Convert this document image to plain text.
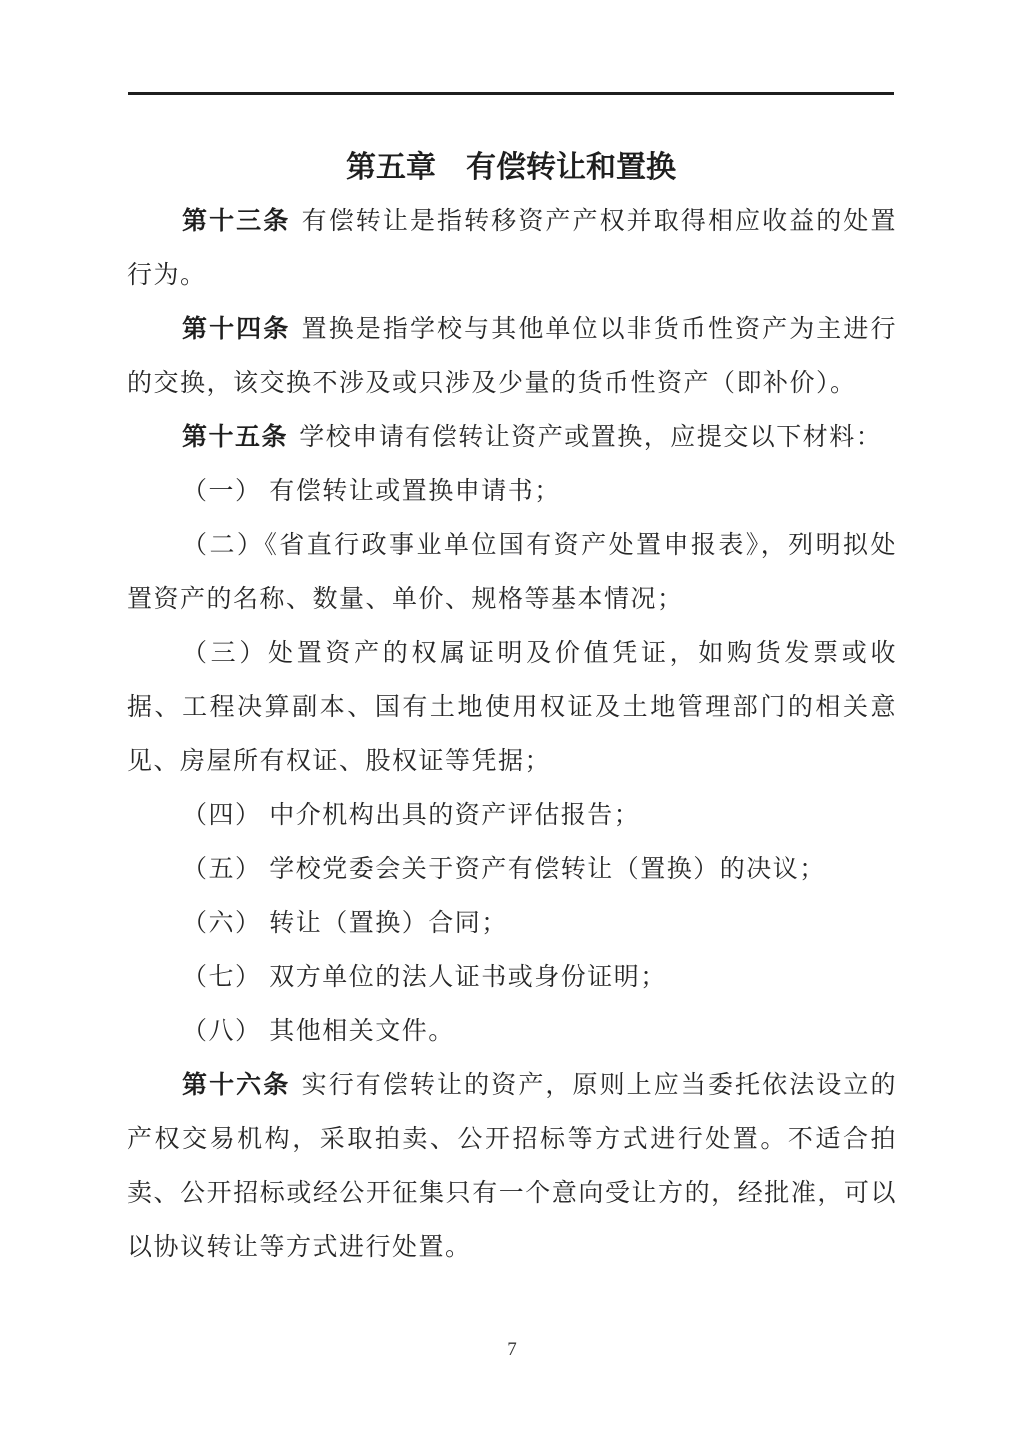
第五章　有偿转让和置换

第十三条 有偿转让是指转移资产产权并取得相应收益的处置行为。

第十四条 置换是指学校与其他单位以非货币性资产为主进行的交换，该交换不涉及或只涉及少量的货币性资产（即补价）。

第十五条 学校申请有偿转让资产或置换，应提交以下材料：

（一） 有偿转让或置换申请书；

（二）《省直行政事业单位国有资产处置申报表》，列明拟处置资产的名称、数量、单价、规格等基本情况；

（三）处置资产的权属证明及价值凭证，如购货发票或收据、工程决算副本、国有土地使用权证及土地管理部门的相关意见、房屋所有权证、股权证等凭据；

（四） 中介机构出具的资产评估报告；

（五） 学校党委会关于资产有偿转让（置换）的决议；

（六） 转让（置换）合同；

（七） 双方单位的法人证书或身份证明；

（八） 其他相关文件。

第十六条 实行有偿转让的资产，原则上应当委托依法设立的产权交易机构，采取拍卖、公开招标等方式进行处置。不适合拍卖、公开招标或经公开征集只有一个意向受让方的，经批准，可以以协议转让等方式进行处置。

7
